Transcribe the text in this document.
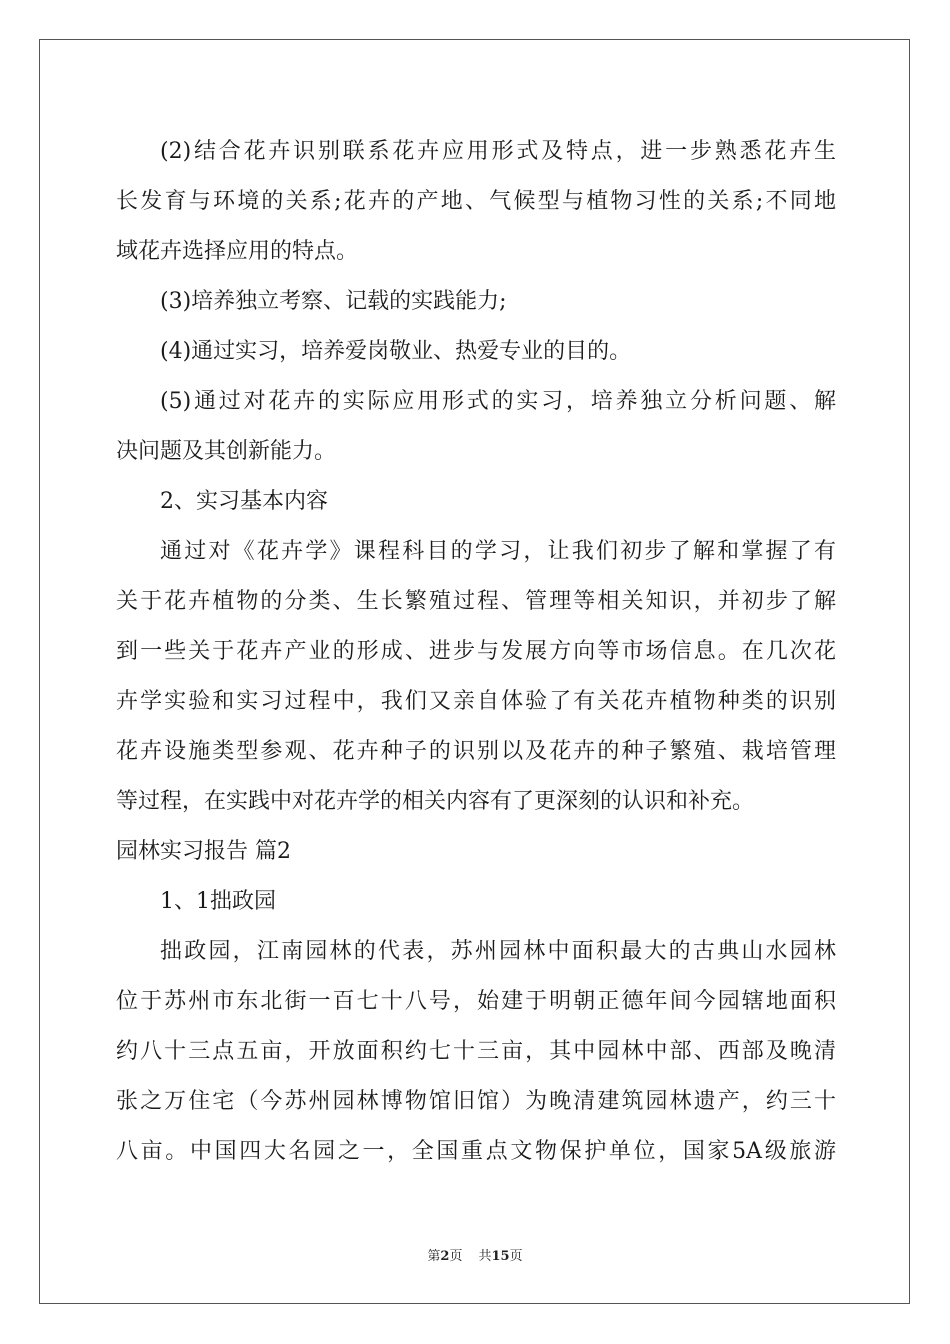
(2)结合花卉识别联系花卉应用形式及特点，进一步熟悉花卉生
长发育与环境的关系;花卉的产地、气候型与植物习性的关系;不同地
域花卉选择应用的特点。
(3)培养独立考察、记载的实践能力;
(4)通过实习，培养爱岗敬业、热爱专业的目的。
(5)通过对花卉的实际应用形式的实习，培养独立分析问题、解
决问题及其创新能力。
2、实习基本内容
通过对《花卉学》课程科目的学习，让我们初步了解和掌握了有
关于花卉植物的分类、生长繁殖过程、管理等相关知识，并初步了解
到一些关于花卉产业的形成、进步与发展方向等市场信息。在几次花
卉学实验和实习过程中，我们又亲自体验了有关花卉植物种类的识别
花卉设施类型参观、花卉种子的识别以及花卉的种子繁殖、栽培管理
等过程，在实践中对花卉学的相关内容有了更深刻的认识和补充。
园林实习报告 篇2
1、1拙政园
拙政园，江南园林的代表，苏州园林中面积最大的古典山水园林
位于苏州市东北街一百七十八号，始建于明朝正德年间今园辖地面积
约八十三点五亩，开放面积约七十三亩，其中园林中部、西部及晚清
张之万住宅（今苏州园林博物馆旧馆）为晚清建筑园林遗产，约三十
八亩。中国四大名园之一，全国重点文物保护单位，国家5A级旅游
第2页 共15页
